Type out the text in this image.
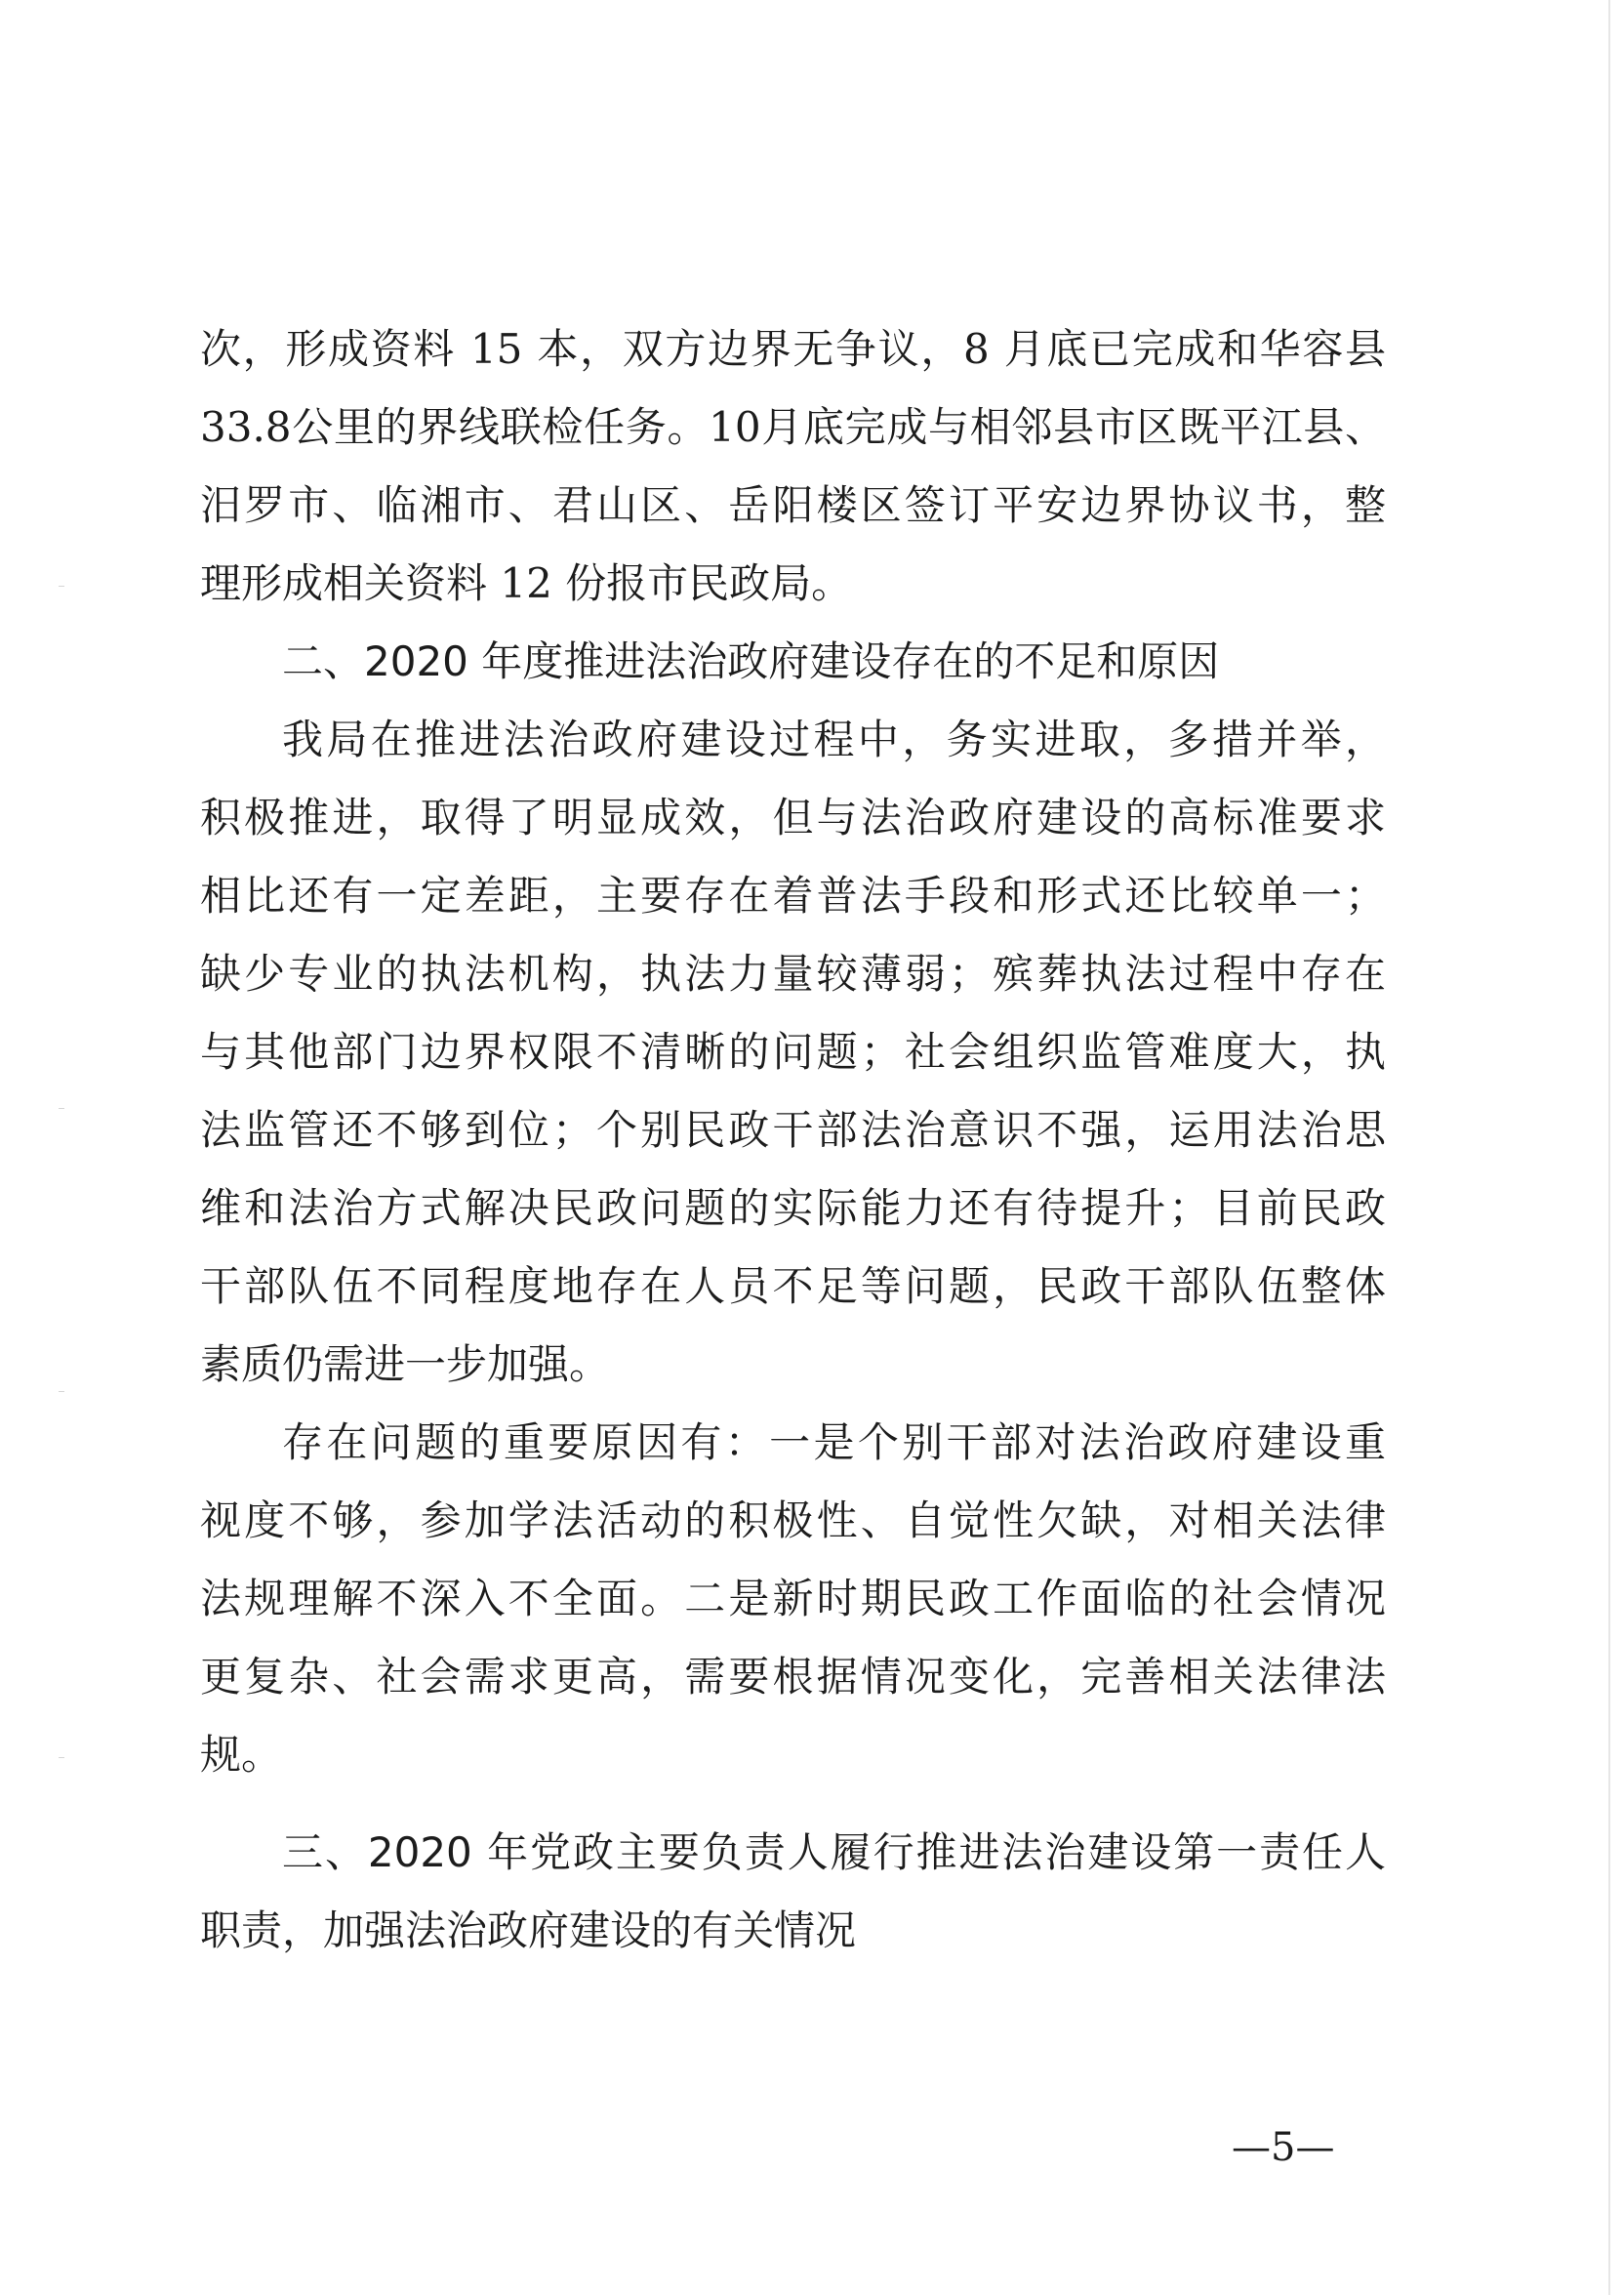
次，形成资料 15 本，双方边界无争议，8 月底已完成和华容县
33.8公里的界线联检任务。10月底完成与相邻县市区既平江县、
汨罗市、临湘市、君山区、岳阳楼区签订平安边界协议书，整
理形成相关资料 12 份报市民政局。
二、2020 年度推进法治政府建设存在的不足和原因
我局在推进法治政府建设过程中，务实进取，多措并举，
积极推进，取得了明显成效，但与法治政府建设的高标准要求
相比还有一定差距，主要存在着普法手段和形式还比较单一；
缺少专业的执法机构，执法力量较薄弱；殡葬执法过程中存在
与其他部门边界权限不清晰的问题；社会组织监管难度大，执
法监管还不够到位；个别民政干部法治意识不强，运用法治思
维和法治方式解决民政问题的实际能力还有待提升；目前民政
干部队伍不同程度地存在人员不足等问题，民政干部队伍整体
素质仍需进一步加强。
存在问题的重要原因有：一是个别干部对法治政府建设重
视度不够，参加学法活动的积极性、自觉性欠缺，对相关法律
法规理解不深入不全面。二是新时期民政工作面临的社会情况
更复杂、社会需求更高，需要根据情况变化，完善相关法律法
规。
三、2020 年党政主要负责人履行推进法治建设第一责任人
职责，加强法治政府建设的有关情况
—5—
